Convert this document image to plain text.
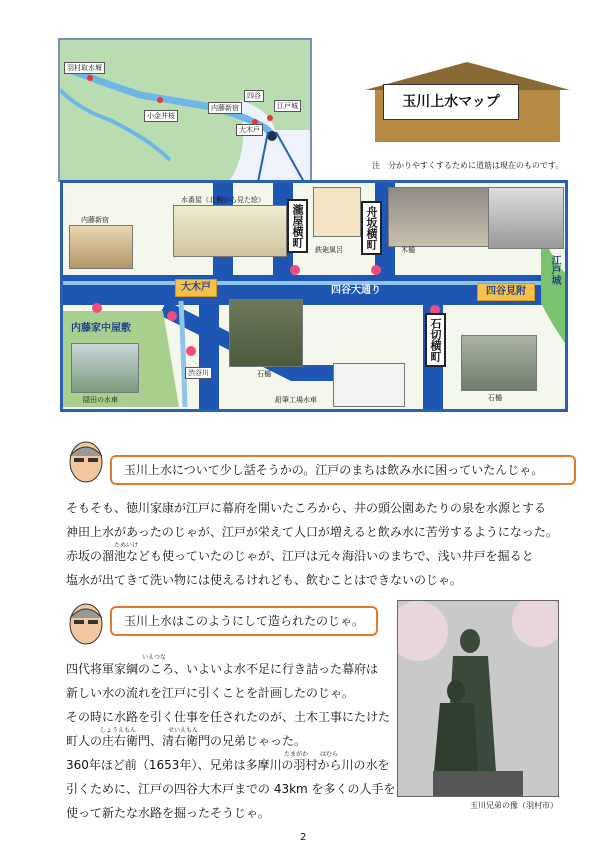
羽村取水堰
小金井桜
内藤新宿
四谷
江戸城
大木戸
玉川上水マップ
注　分かりやすくするために道筋は現在のものです。
四谷大通り
大木戸	四谷見附
江戸城
内藤家中屋敷
渋谷川
瀧屋横町	舟坂横町
石切横町
内藤新宿
水番屋（北側から見た絵）
鉄砲風呂	木樋
石樋
石樋
隠田の水車	鉛筆工場水車
玉川上水について少し話そうかの。江戸のまちは飲み水に困っていたんじゃ。
そもそも、徳川家康が江戸に幕府を開いたころから、井の頭公園あたりの泉を水源とする
神田上水があったのじゃが、江戸が栄えて人口が増えると飲み水に苦労するようになった。
ためいけ
赤坂の溜池なども使っていたのじゃが、江戸は元々海沿いのまちで、浅い井戸を掘ると
塩水が出てきて洗い物には使えるけれども、飲むことはできないのじゃ。
玉川上水はこのようにして造られたのじゃ。
いえつな
四代将軍家綱のころ、いよいよ水不足に行き詰った幕府は
新しい水の流れを江戸に引くことを計画したのじゃ。
その時に水路を引く仕事を任されたのが、土木工事にたけた
しょうえもん	せいえもん
町人の庄右衛門、清右衛門の兄弟じゃった。
たまがわ　　はむら
360年ほど前（1653年）、兄弟は多摩川の羽村から川の水を
引くために、江戸の四谷大木戸までの 43km を多くの人手を
使って新たな水路を掘ったそうじゃ。
玉川兄弟の像（羽村市）
2
